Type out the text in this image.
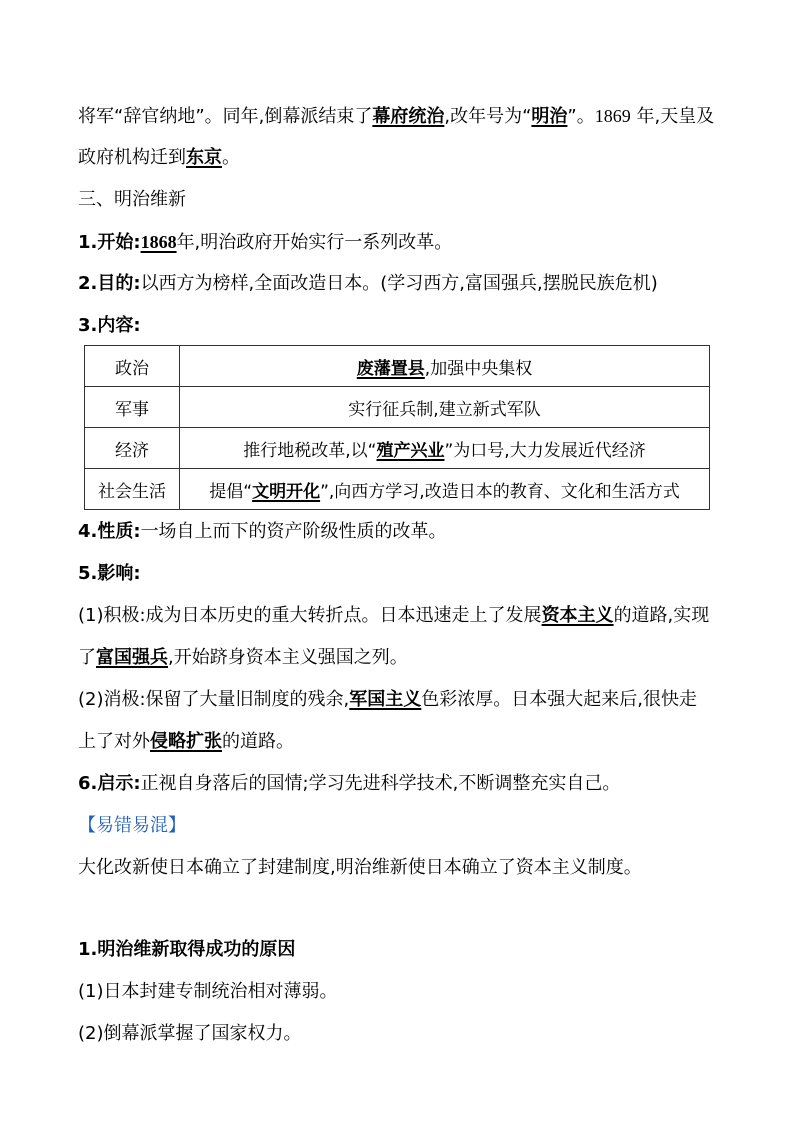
将军“辞官纳地”。同年,倒幕派结束了幕府统治,改年号为“明治”。1869 年,天皇及
政府机构迁到东京。
三、明治维新
1.开始:1868年,明治政府开始实行一系列改革。
2.目的:以西方为榜样,全面改造日本。(学习西方,富国强兵,摆脱民族危机)
3.内容:
政治	废藩置县,加强中央集权
军事	实行征兵制,建立新式军队
经济	推行地税改革,以“殖产兴业”为口号,大力发展近代经济
社会生活	提倡“文明开化”,向西方学习,改造日本的教育、文化和生活方式
4.性质:一场自上而下的资产阶级性质的改革。
5.影响:
(1)积极:成为日本历史的重大转折点。日本迅速走上了发展资本主义的道路,实现
了富国强兵,开始跻身资本主义强国之列。
(2)消极:保留了大量旧制度的残余,军国主义色彩浓厚。日本强大起来后,很快走
上了对外侵略扩张的道路。
6.启示:正视自身落后的国情;学习先进科学技术,不断调整充实自己。
【易错易混】
大化改新使日本确立了封建制度,明治维新使日本确立了资本主义制度。
1.明治维新取得成功的原因
(1)日本封建专制统治相对薄弱。
(2)倒幕派掌握了国家权力。
